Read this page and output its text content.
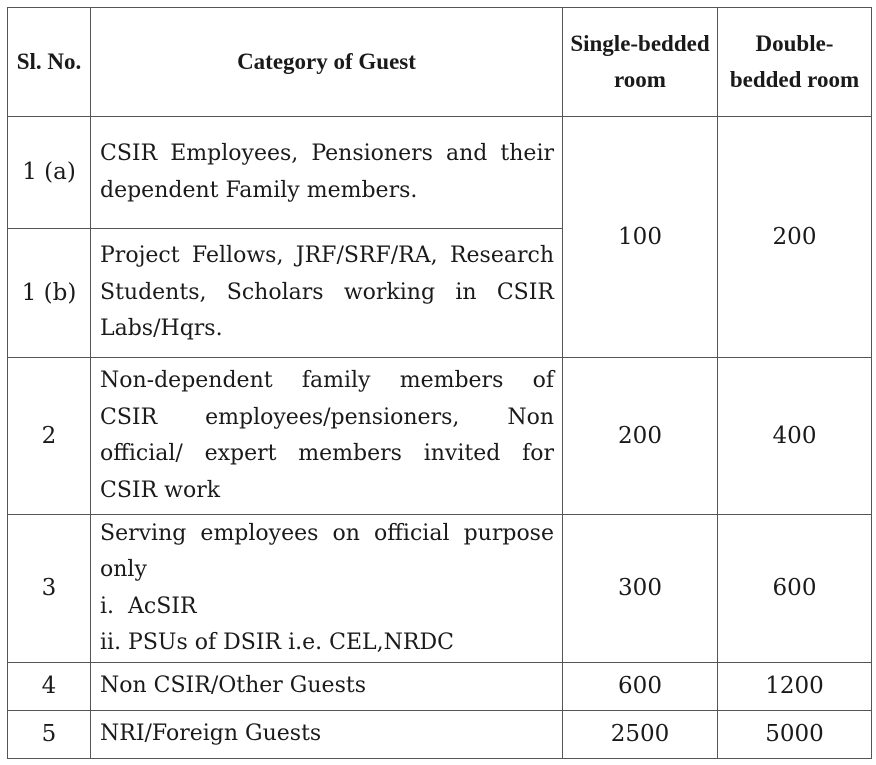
Sl. No.	Category of Guest	Single-bedded room	Double-bedded room
1 (a)	CSIR Employees, Pensioners and their
dependent Family members.	100	200
1 (b)	Project Fellows, JRF/SRF/RA, Research
Students, Scholars working in CSIR
Labs/Hqrs.		

2	Non-dependent family members of
CSIR employees/pensioners, Non
official/ expert members invited for
CSIR work	200	400
3	Serving employees on official purpose
only
i.  AcSIR
ii. PSUs of DSIR i.e. CEL,NRDC	300	600
4	Non CSIR/Other Guests	600	1200
5	NRI/Foreign Guests	2500	5000
